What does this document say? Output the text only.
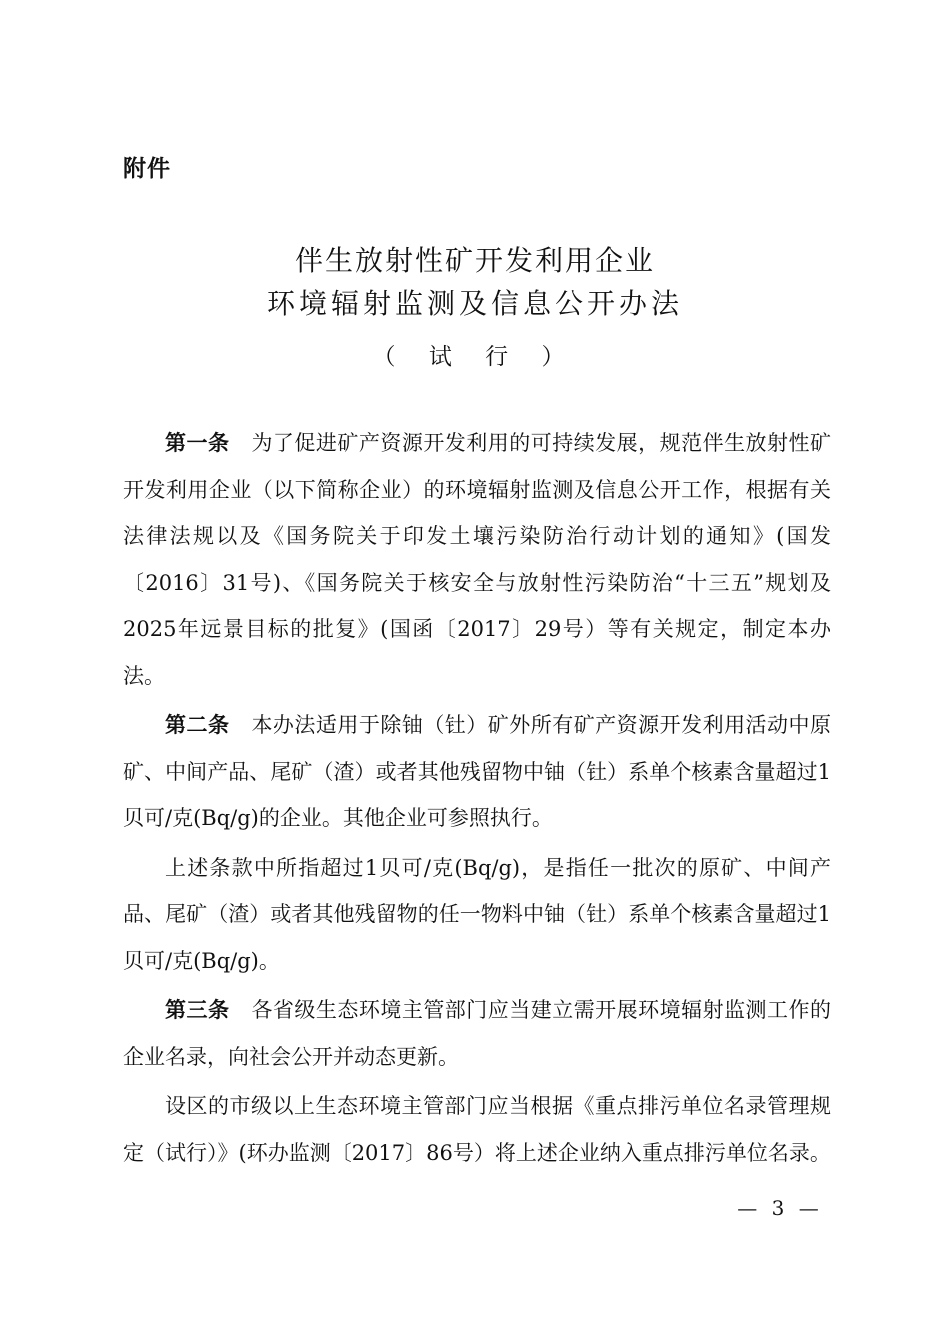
附件
伴生放射性矿开发利用企业
环境辐射监测及信息公开办法
（ 试 行 ）

第一条 为了促进矿产资源开发利用的可持续发展，规范伴生放射性矿开发利用企业（以下简称企业）的环境辐射监测及信息公开工作，根据有关法律法规以及《国务院关于印发土壤污染防治行动计划的通知》(国发〔2016〕31号)、《国务院关于核安全与放射性污染防治“十三五”规划及2025年远景目标的批复》(国函〔2017〕29号）等有关规定，制定本办法。

第二条 本办法适用于除铀（钍）矿外所有矿产资源开发利用活动中原矿、中间产品、尾矿（渣）或者其他残留物中铀（钍）系单个核素含量超过1贝可/克(Bq/g)的企业。其他企业可参照执行。

上述条款中所指超过1贝可/克(Bq/g)，是指任一批次的原矿、中间产品、尾矿（渣）或者其他残留物的任一物料中铀（钍）系单个核素含量超过1贝可/克(Bq/g)。

第三条 各省级生态环境主管部门应当建立需开展环境辐射监测工作的企业名录，向社会公开并动态更新。

设区的市级以上生态环境主管部门应当根据《重点排污单位名录管理规定（试行）》(环办监测〔2017〕86号）将上述企业纳入重点排污单位名录。

— 3 —
